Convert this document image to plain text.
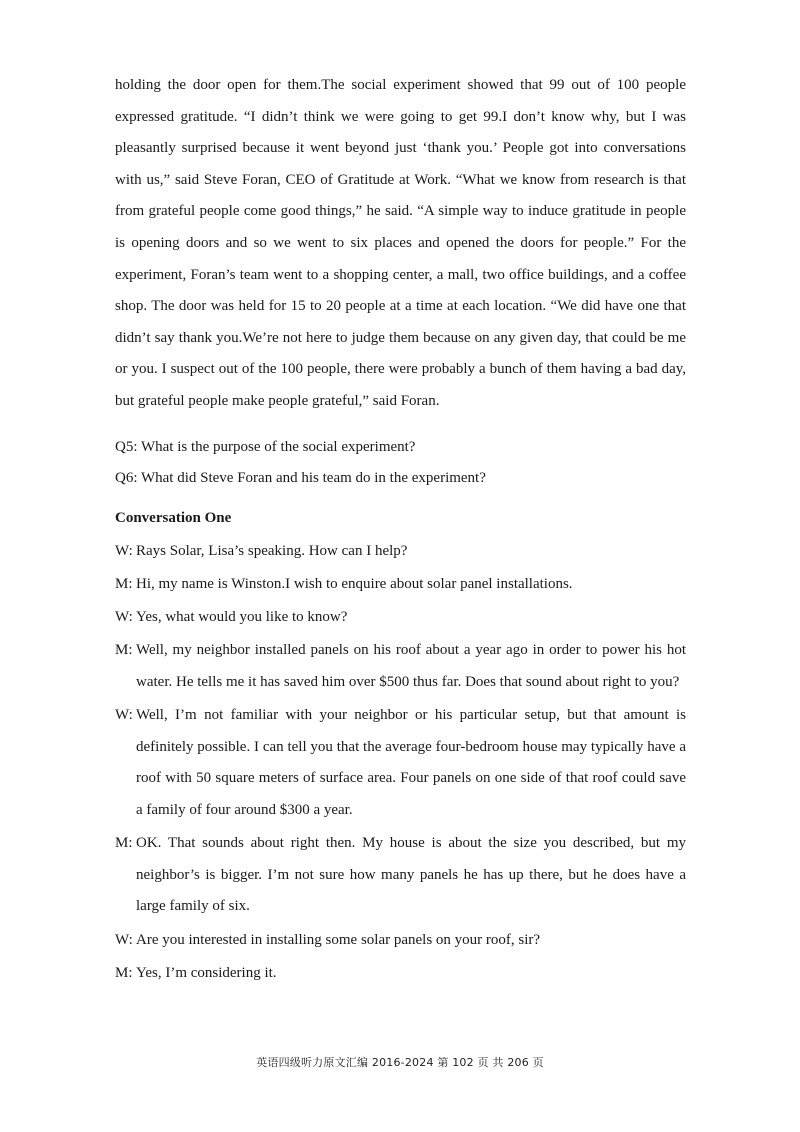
holding the door open for them.The social experiment showed that 99 out of 100 people expressed gratitude. “I didn’t think we were going to get 99.I don’t know why, but I was pleasantly surprised because it went beyond just ‘thank you.’ People got into conversations with us,” said Steve Foran, CEO of Gratitude at Work. “What we know from research is that from grateful people come good things,” he said. “A simple way to induce gratitude in people is opening doors and so we went to six places and opened the doors for people.” For the experiment, Foran’s team went to a shopping center, a mall, two office buildings, and a coffee shop. The door was held for 15 to 20 people at a time at each location. “We did have one that didn’t say thank you.We’re not here to judge them because on any given day, that could be me or you. I suspect out of the 100 people, there were probably a bunch of them having a bad day, but grateful people make people grateful,” said Foran.

Q5: What is the purpose of the social experiment?

Q6: What did Steve Foran and his team do in the experiment?

Conversation One

W: Rays Solar, Lisa’s speaking. How can I help?

M: Hi, my name is Winston.I wish to enquire about solar panel installations.

W: Yes, what would you like to know?

M: Well, my neighbor installed panels on his roof about a year ago in order to power his hot water. He tells me it has saved him over $500 thus far. Does that sound about right to you?

W: Well, I’m not familiar with your neighbor or his particular setup, but that amount is definitely possible. I can tell you that the average four-bedroom house may typically have a roof with 50 square meters of surface area. Four panels on one side of that roof could save a family of four around $300 a year.

M: OK. That sounds about right then. My house is about the size you described, but my neighbor’s is bigger. I’m not sure how many panels he has up there, but he does have a large family of six.

W: Are you interested in installing some solar panels on your roof, sir?

M: Yes, I’m considering it.

英语四级听力原文汇编 2016-2024 第 102 页 共 206 页
